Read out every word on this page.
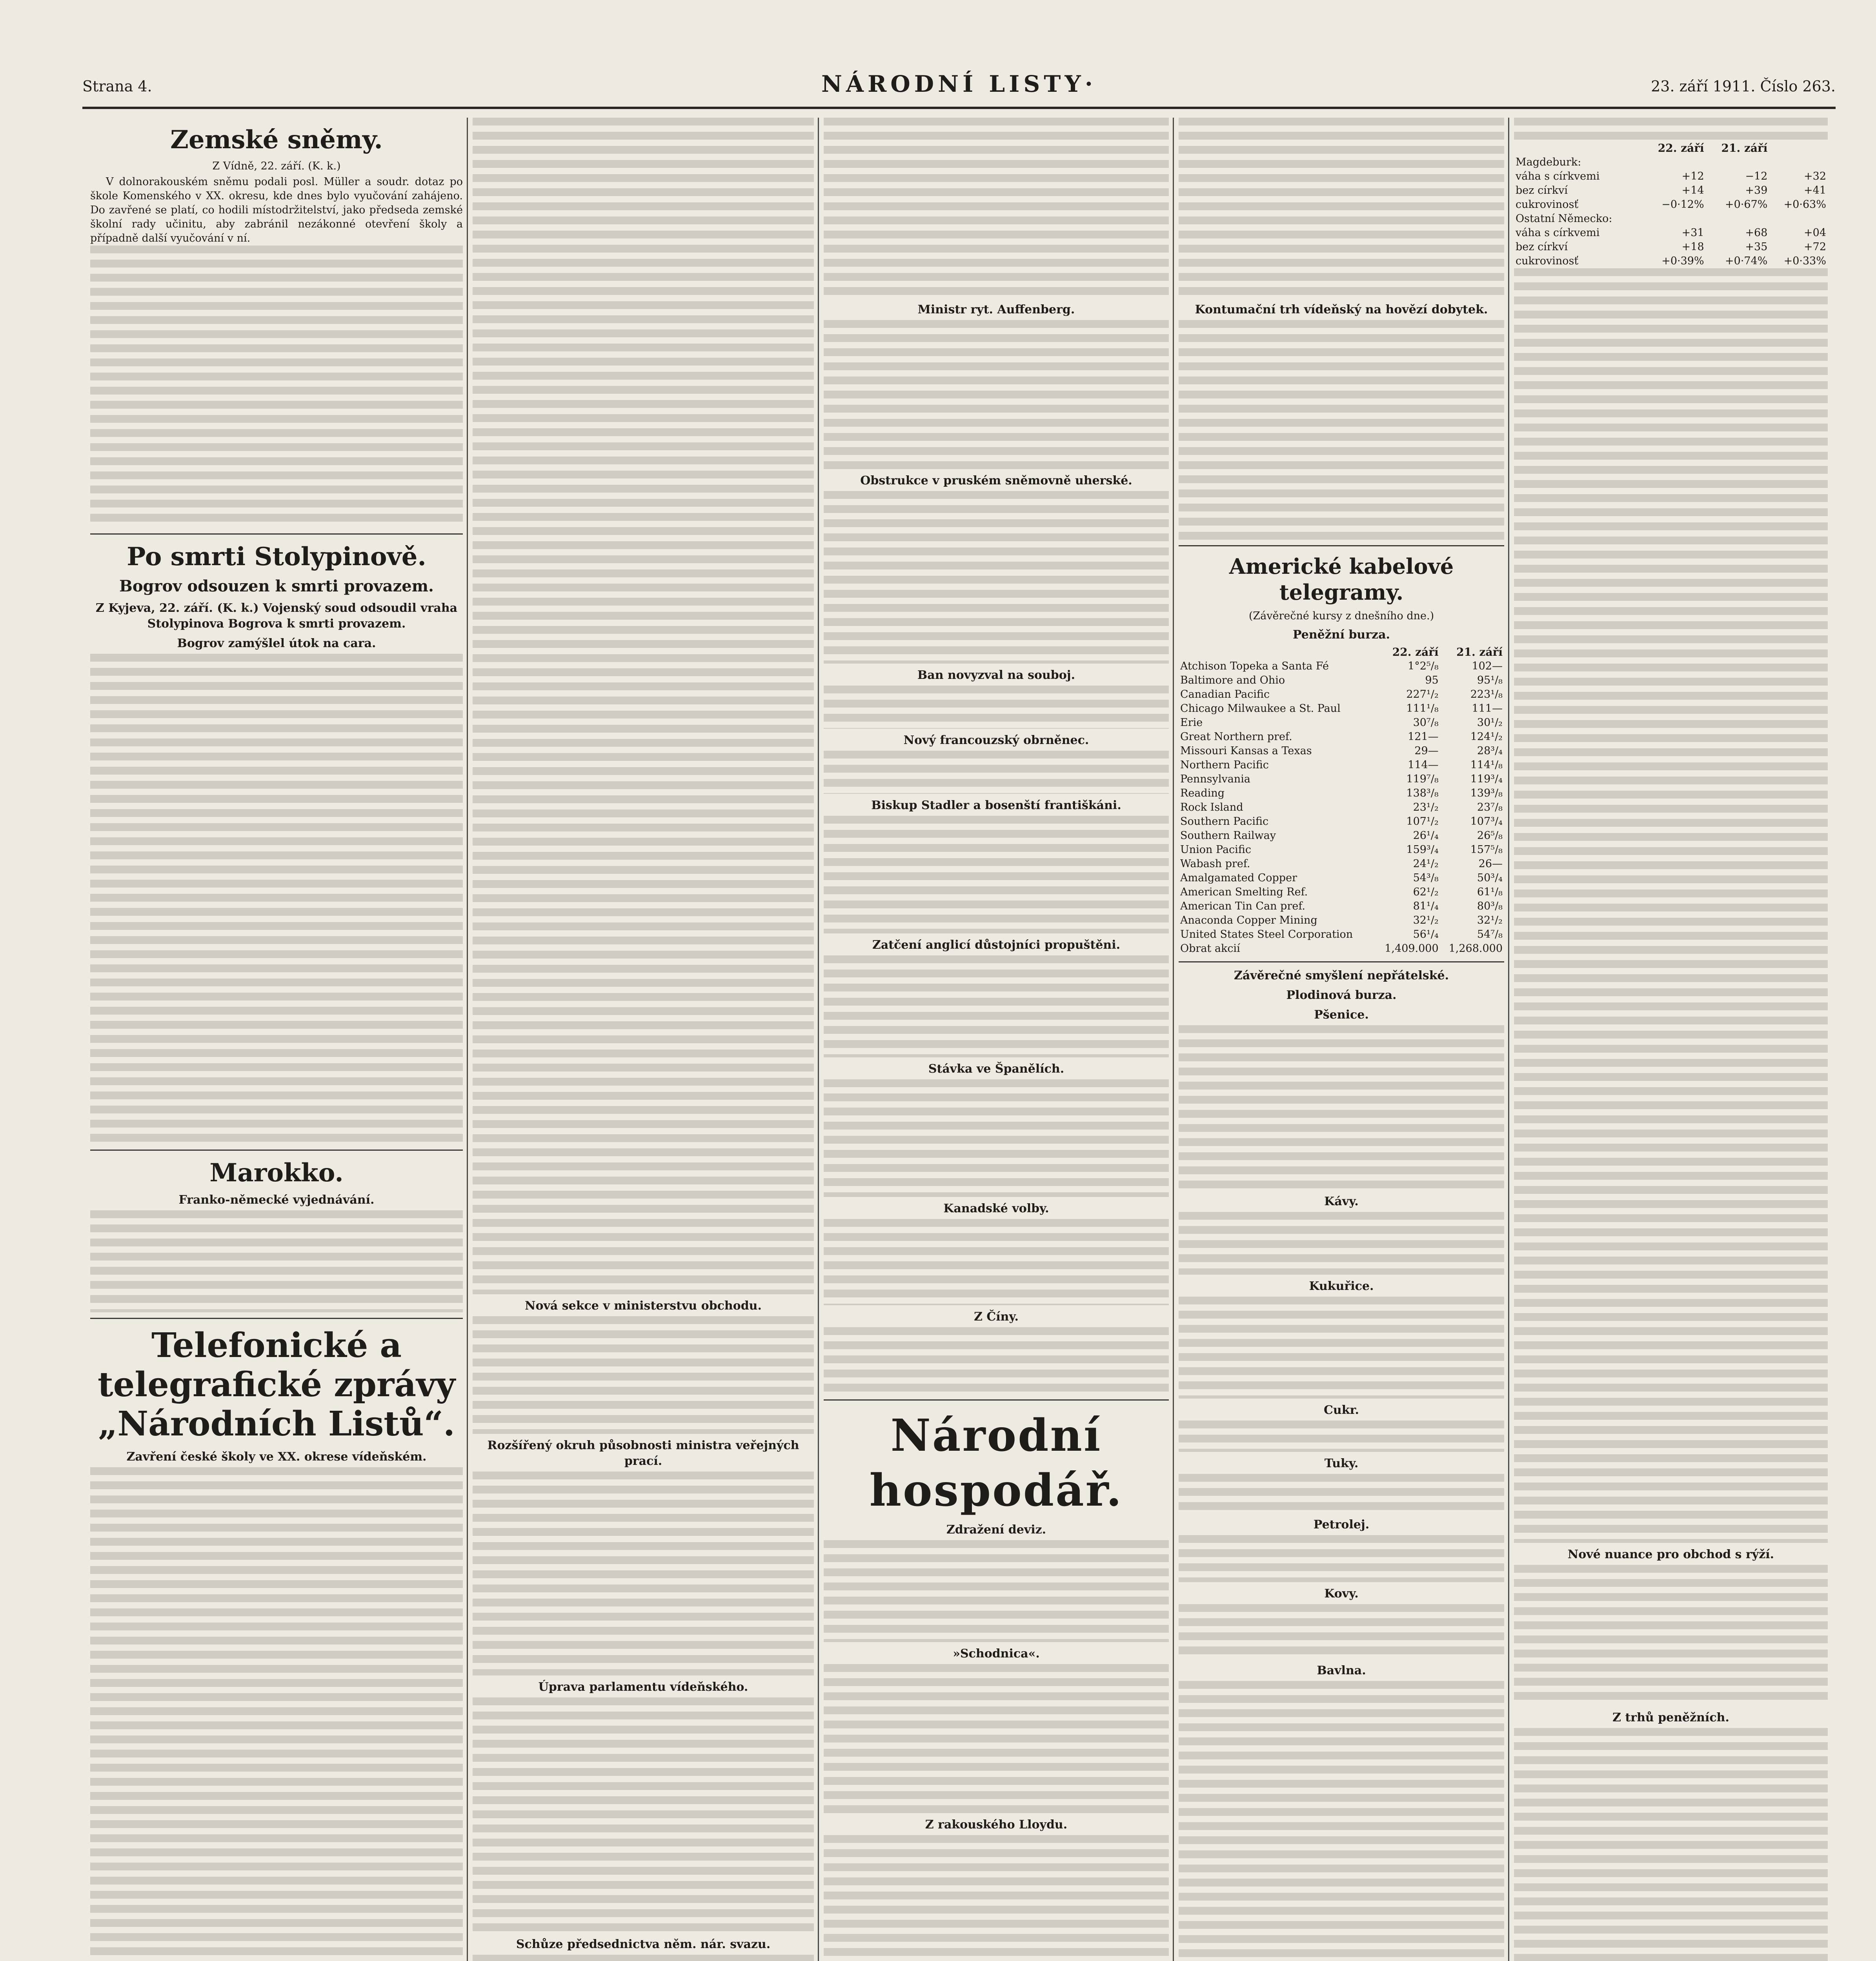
Strana 4.	NÁRODNÍ LISTY·	23. září 1911. Číslo 263.
Zemské sněmy.
Z Vídně, 22. září. (K. k.)
V dolnorakouském sněmu podali posl. Müller a soudr. dotaz po škole Komenského v XX. okresu, kde dnes bylo vyučování zahájeno. Do zavřené se platí, co hodili místodržitelství, jako předseda zemské školní rady učinitu, aby zabránil nezákonné otevření školy a případně další vyučování v ní.
Po smrti Stolypinově.
Bogrov odsouzen k smrti provazem.
Z Kyjeva, 22. září. (K. k.) Vojenský soud odsoudil vraha Stolypinova Bogrova k smrti provazem.
Bogrov zamýšlel útok na cara.
Marokko.
Franko-německé vyjednávání.
Telefonické a telegrafické zprávy „Národních Listů“.
Zavření české školy ve XX. okrese vídeňském.
Nová sekce v ministerstvu obchodu.
Rozšířený okruh působnosti ministra veřejných prací.
Úprava parlamentu vídeňského.
Schůze předsednictva něm. nár. svazu.
Ministr ryt. Auffenberg.
Obstrukce v pruském sněmovně uherské.
Ban novyzval na souboj.
Nový francouzský obrněnec.
Biskup Stadler a bosenští františkáni.
Zatčení anglicí důstojníci propuštěni.
Stávka ve Španělích.
Kanadské volby.
Z Číny.
Národní hospodář.
Zdražení deviz.
»Schodnica«.
Z rakouského Lloydu.
Kontumační trh vídeňský na hovězí dobytek.
Americké kabelové telegramy.
(Závěrečné kursy z dnešního dne.)
Peněžní burza.
	22. září	21. září
Atchison Topeka a Santa Fé	1°2⁵/₈	102—
Baltimore and Ohio	95	95¹/₈
Canadian Pacific	227¹/₂	223¹/₈
Chicago Milwaukee a St. Paul	111¹/₈	111—
Erie	30⁷/₈	30¹/₂
Great Northern pref.	121—	124¹/₂
Missouri Kansas a Texas	29—	28³/₄
Northern Pacific	114—	114¹/₈
Pennsylvania	119⁷/₈	119³/₄
Reading	138³/₈	139³/₈
Rock Island	23¹/₂	23⁷/₈
Southern Pacific	107¹/₂	107³/₄
Southern Railway	26¹/₄	26⁵/₈
Union Pacific	159³/₄	157⁵/₈
Wabash pref.	24¹/₂	26—
Amalgamated Copper	54³/₈	50³/₄
American Smelting Ref.	62¹/₂	61¹/₈
American Tin Can pref.	81¹/₄	80³/₈
Anaconda Copper Mining	32¹/₂	32¹/₂
United States Steel Corporation	56¹/₄	54⁷/₈
Obrat akcií	1,409.000	1,268.000
Závěrečné smyšlení nepřátelské.
Plodinová burza.
Pšenice.
Kávy.
Kukuřice.
Cukr.
Tuky.
Petrolej.
Kovy.
Bavlna.
	22. září	21. září	
Magdeburk:			
váha s církvemi	+12	−12	+32
bez církví	+14	+39	+41
cukrovinosť	−0·12%	+0·67%	+0·63%
Ostatní Německo:			
váha s církvemi	+31	+68	+04
bez církví	+18	+35	+72
cukrovinosť	+0·39%	+0·74%	+0·33%
Nové nuance pro obchod s rýží.
Z trhů peněžních.
